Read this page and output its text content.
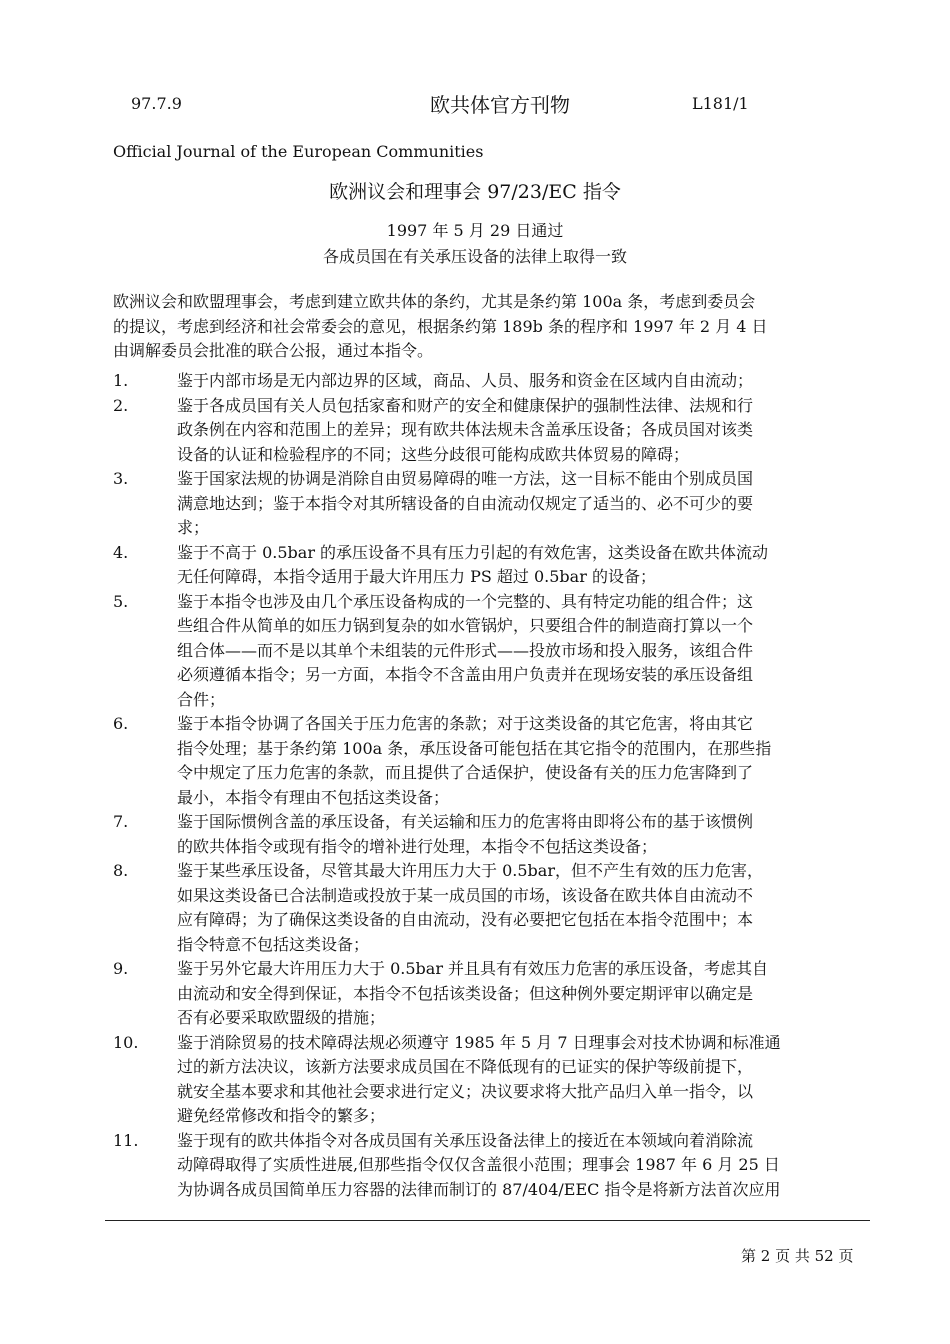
97.7.9	欧共体官方刊物	L181/1
Official Journal of the European Communities
欧洲议会和理事会 97/23/EC 指令
1997 年 5 月 29 日通过
各成员国在有关承压设备的法律上取得一致
欧洲议会和欧盟理事会，考虑到建立欧共体的条约，尤其是条约第 100a 条，考虑到委员会
的提议，考虑到经济和社会常委会的意见，根据条约第 189b 条的程序和 1997 年 2 月 4 日
由调解委员会批准的联合公报，通过本指令。
1.	鉴于内部市场是无内部边界的区域，商品、人员、服务和资金在区域内自由流动；
2.	鉴于各成员国有关人员包括家畜和财产的安全和健康保护的强制性法律、法规和行
政条例在内容和范围上的差异；现有欧共体法规未含盖承压设备；各成员国对该类
设备的认证和检验程序的不同；这些分歧很可能构成欧共体贸易的障碍；
3.	鉴于国家法规的协调是消除自由贸易障碍的唯一方法，这一目标不能由个别成员国
满意地达到；鉴于本指令对其所辖设备的自由流动仅规定了适当的、必不可少的要
求；
4.	鉴于不高于 0.5bar 的承压设备不具有压力引起的有效危害，这类设备在欧共体流动
无任何障碍，本指令适用于最大许用压力 PS 超过 0.5bar 的设备；
5.	鉴于本指令也涉及由几个承压设备构成的一个完整的、具有特定功能的组合件；这
些组合件从简单的如压力锅到复杂的如水管锅炉，只要组合件的制造商打算以一个
组合体——而不是以其单个未组装的元件形式——投放市场和投入服务，该组合件
必须遵循本指令；另一方面，本指令不含盖由用户负责并在现场安装的承压设备组
合件；
6.	鉴于本指令协调了各国关于压力危害的条款；对于这类设备的其它危害，将由其它
指令处理；基于条约第 100a 条，承压设备可能包括在其它指令的范围内，在那些指
令中规定了压力危害的条款，而且提供了合适保护，使设备有关的压力危害降到了
最小，本指令有理由不包括这类设备；
7.	鉴于国际惯例含盖的承压设备，有关运输和压力的危害将由即将公布的基于该惯例
的欧共体指令或现有指令的增补进行处理，本指令不包括这类设备；
8.	鉴于某些承压设备，尽管其最大许用压力大于 0.5bar，但不产生有效的压力危害，
如果这类设备已合法制造或投放于某一成员国的市场，该设备在欧共体自由流动不
应有障碍；为了确保这类设备的自由流动，没有必要把它包括在本指令范围中；本
指令特意不包括这类设备；
9.	鉴于另外它最大许用压力大于 0.5bar 并且具有有效压力危害的承压设备，考虑其自
由流动和安全得到保证，本指令不包括该类设备；但这种例外要定期评审以确定是
否有必要采取欧盟级的措施；
10. 鉴于消除贸易的技术障碍法规必须遵守 1985 年 5 月 7 日理事会对技术协调和标准通
过的新方法决议，该新方法要求成员国在不降低现有的已证实的保护等级前提下，
就安全基本要求和其他社会要求进行定义；决议要求将大批产品归入单一指令，以
避免经常修改和指令的繁多；
11. 鉴于现有的欧共体指令对各成员国有关承压设备法律上的接近在本领域向着消除流
动障碍取得了实质性进展,但那些指令仅仅含盖很小范围；理事会 1987 年 6 月 25 日
为协调各成员国简单压力容器的法律而制订的 87/404/EEC 指令是将新方法首次应用
第 2 页 共 52 页
